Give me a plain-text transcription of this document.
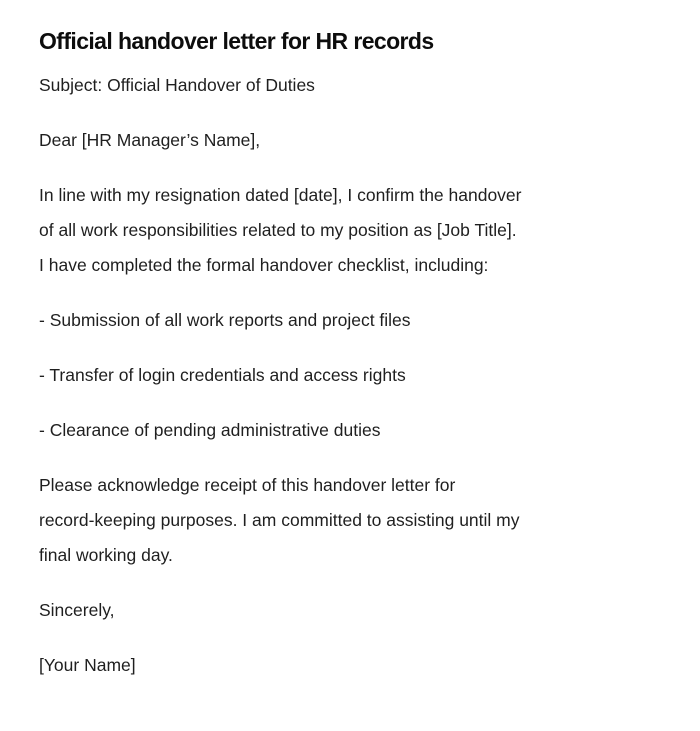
Official handover letter for HR records
Subject: Official Handover of Duties
Dear [HR Manager’s Name],
In line with my resignation dated [date], I confirm the handover
of all work responsibilities related to my position as [Job Title].
I have completed the formal handover checklist, including:
- Submission of all work reports and project files
- Transfer of login credentials and access rights
- Clearance of pending administrative duties
Please acknowledge receipt of this handover letter for
record-keeping purposes. I am committed to assisting until my
final working day.
Sincerely,
[Your Name]
